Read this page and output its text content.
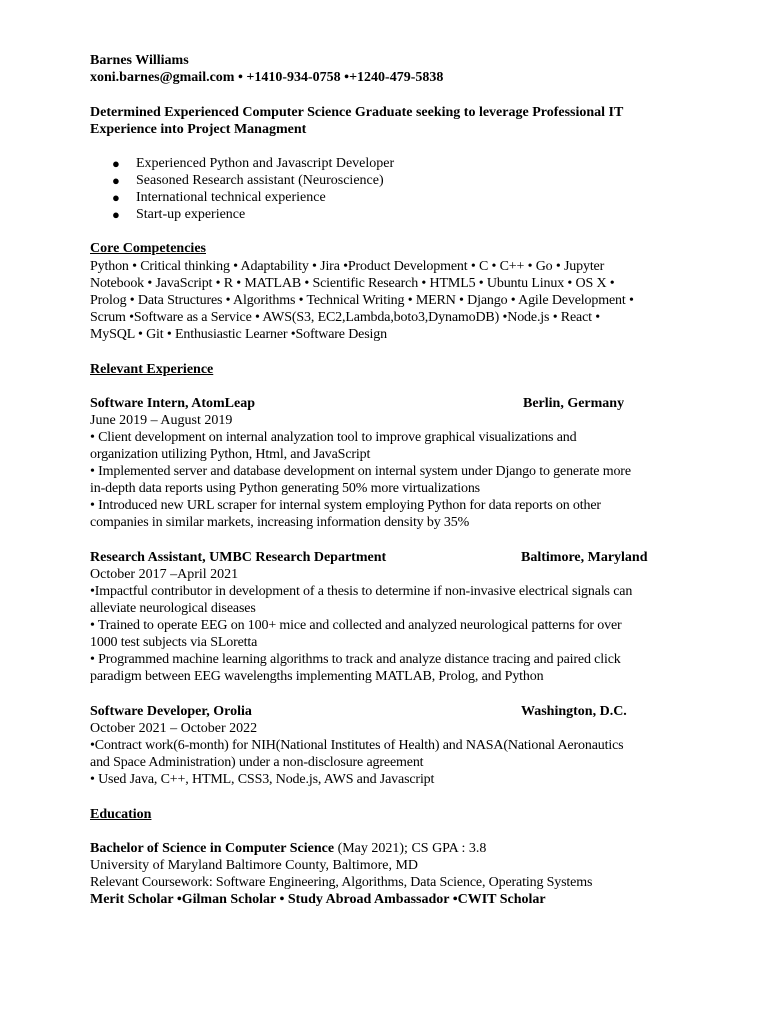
Barnes Williams
xoni.barnes@gmail.com • +1410-934-0758 •+1240-479-5838
Determined Experienced Computer Science Graduate seeking to leverage Professional IT
Experience into Project Managment
● Experienced Python and Javascript Developer
● Seasoned Research assistant (Neuroscience)
● International technical experience
● Start-up experience
Core Competencies
Python • Critical thinking • Adaptability • Jira •Product Development • C • C++ • Go • Jupyter
Notebook • JavaScript • R • MATLAB • Scientific Research • HTML5 • Ubuntu Linux • OS X •
Prolog • Data Structures • Algorithms • Technical Writing • MERN • Django • Agile Development •
Scrum •Software as a Service • AWS(S3, EC2,Lambda,boto3,DynamoDB) •Node.js • React •
MySQL • Git • Enthusiastic Learner •Software Design
Relevant Experience
Software Intern, AtomLeap	Berlin, Germany
June 2019 – August 2019
• Client development on internal analyzation tool to improve graphical visualizations and
organization utilizing Python, Html, and JavaScript
• Implemented server and database development on internal system under Django to generate more
in-depth data reports using Python generating 50% more virtualizations
• Introduced new URL scraper for internal system employing Python for data reports on other
companies in similar markets, increasing information density by 35%
Research Assistant, UMBC Research Department	Baltimore, Maryland
October 2017 –April 2021
•Impactful contributor in development of a thesis to determine if non-invasive electrical signals can
alleviate neurological diseases
• Trained to operate EEG on 100+ mice and collected and analyzed neurological patterns for over
1000 test subjects via SLoretta
• Programmed machine learning algorithms to track and analyze distance tracing and paired click
paradigm between EEG wavelengths implementing MATLAB, Prolog, and Python
Software Developer, Orolia	Washington, D.C.
October 2021 – October 2022
•Contract work(6-month) for NIH(National Institutes of Health) and NASA(National Aeronautics
and Space Administration) under a non-disclosure agreement
• Used Java, C++, HTML, CSS3, Node.js, AWS and Javascript
Education
Bachelor of Science in Computer Science (May 2021); CS GPA : 3.8
University of Maryland Baltimore County, Baltimore, MD
Relevant Coursework: Software Engineering, Algorithms, Data Science, Operating Systems
Merit Scholar •Gilman Scholar • Study Abroad Ambassador •CWIT Scholar
